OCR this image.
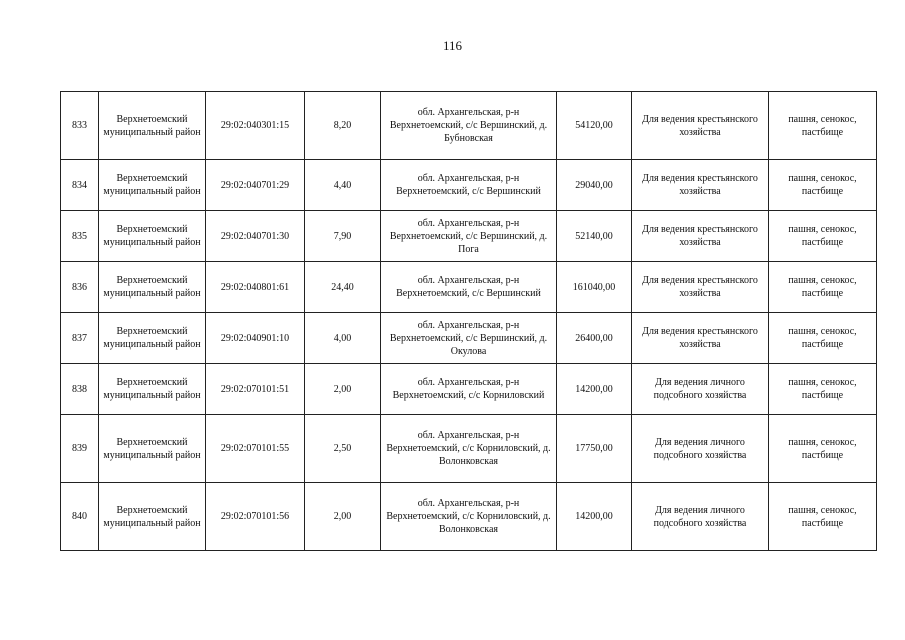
116
833	Верхнетоемский муниципальный район	29:02:040301:15	8,20	обл. Архангельская, р-н Верхнетоемский, с/с Вершинский, д. Бубновская	54120,00	Для ведения крестьянского хозяйства	пашня, сенокос, пастбище
834	Верхнетоемский муниципальный район	29:02:040701:29	4,40	обл. Архангельская, р-н Верхнетоемский, с/с Вершинский	29040,00	Для ведения крестьянского хозяйства	пашня, сенокос, пастбище
835	Верхнетоемский муниципальный район	29:02:040701:30	7,90	обл. Архангельская, р-н Верхнетоемский, с/с Вершинский, д. Пога	52140,00	Для ведения крестьянского хозяйства	пашня, сенокос, пастбище
836	Верхнетоемский муниципальный район	29:02:040801:61	24,40	обл. Архангельская, р-н Верхнетоемский, с/с Вершинский	161040,00	Для ведения крестьянского хозяйства	пашня, сенокос, пастбище
837	Верхнетоемский муниципальный район	29:02:040901:10	4,00	обл. Архангельская, р-н Верхнетоемский, с/с Вершинский, д. Окулова	26400,00	Для ведения крестьянского хозяйства	пашня, сенокос, пастбище
838	Верхнетоемский муниципальный район	29:02:070101:51	2,00	обл. Архангельская, р-н Верхнетоемский, с/с Корниловский	14200,00	Для ведения личного подсобного хозяйства	пашня, сенокос, пастбище
839	Верхнетоемский муниципальный район	29:02:070101:55	2,50	обл. Архангельская, р-н Верхнетоемский, с/с Корниловский, д. Волонковская	17750,00	Для ведения личного подсобного хозяйства	пашня, сенокос, пастбище
840	Верхнетоемский муниципальный район	29:02:070101:56	2,00	обл. Архангельская, р-н Верхнетоемский, с/с Корниловский, д. Волонковская	14200,00	Для ведения личного подсобного хозяйства	пашня, сенокос, пастбище
